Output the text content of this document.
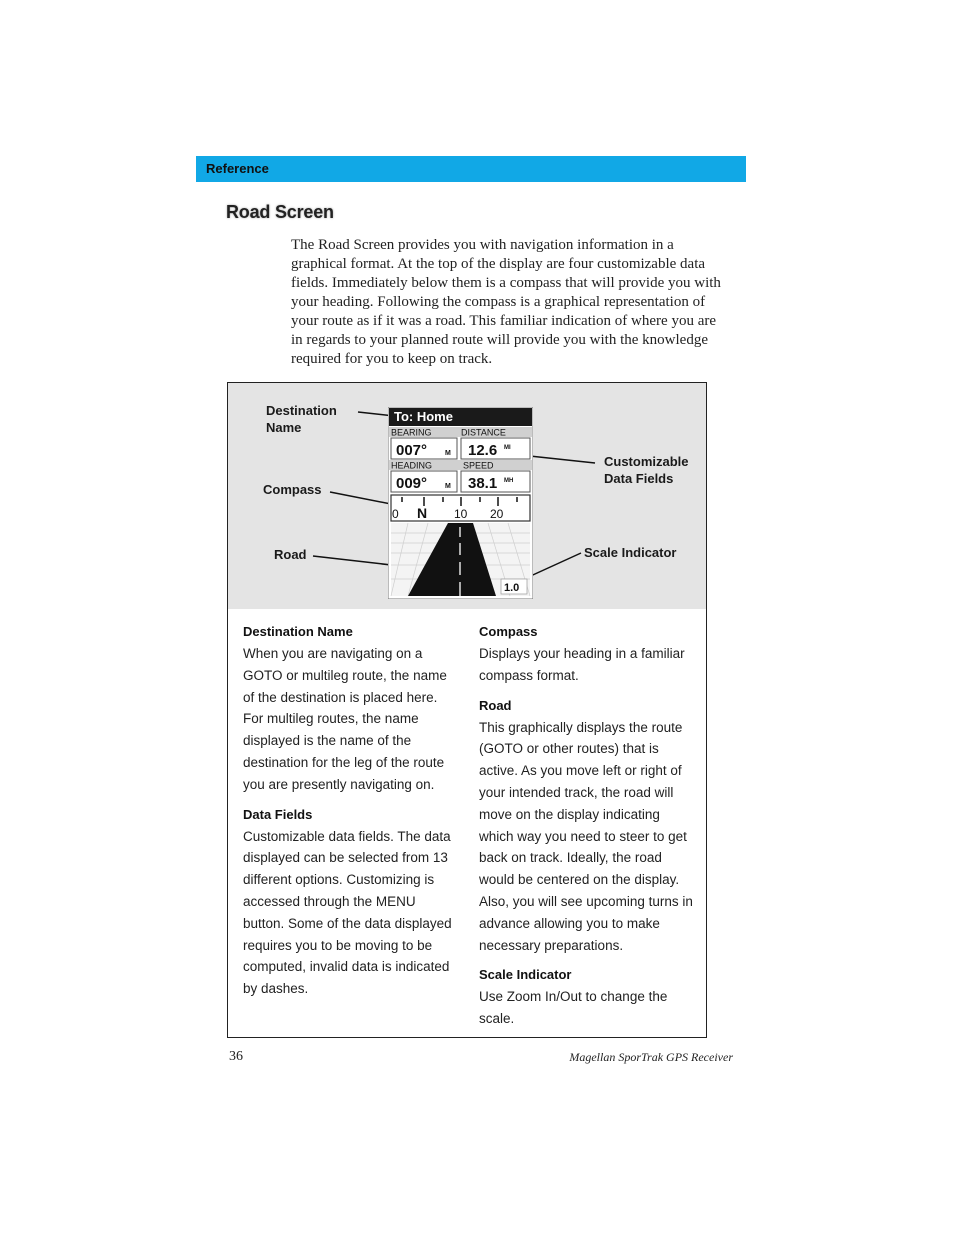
Reference
Road Screen

The Road Screen provides you with navigation information in a graphical format. At the top of the display are four customizable data fields. Immediately below them is a compass that will provide you with your heading. Following the compass is a graphical representation of your route as if it was a road. This familiar indication of where you are in regards to your planned route will provide you with the knowledge required for you to keep on track.

Destination
Name
Compass
Road
Customizable
Data Fields
Scale Indicator
To: Home
BEARING	DISTANCE
007°	M 12.6 MI
HEADING	SPEED
009°	M 38.1 MH
0 N 10 20
1.0
Destination Name

When you are navigating on a GOTO or multileg route, the name of the destination is placed here. For multileg routes, the name displayed is the name of the destination for the leg of the route you are presently navigating on.

Data Fields

Customizable data fields. The data displayed can be selected from 13 different options. Customizing is accessed through the MENU button. Some of the data displayed requires you to be moving to be computed, invalid data is indicated by dashes.

Compass

Displays your heading in a familiar compass format.

Road

This graphically displays the route (GOTO or other routes) that is active. As you move left or right of your intended track, the road will move on the display indicating which way you need to steer to get back on track. Ideally, the road would be centered on the display. Also, you will see upcoming turns in advance allowing you to make necessary preparations.

Scale Indicator

Use Zoom In/Out to change the scale.

36	Magellan SporTrak GPS Receiver
